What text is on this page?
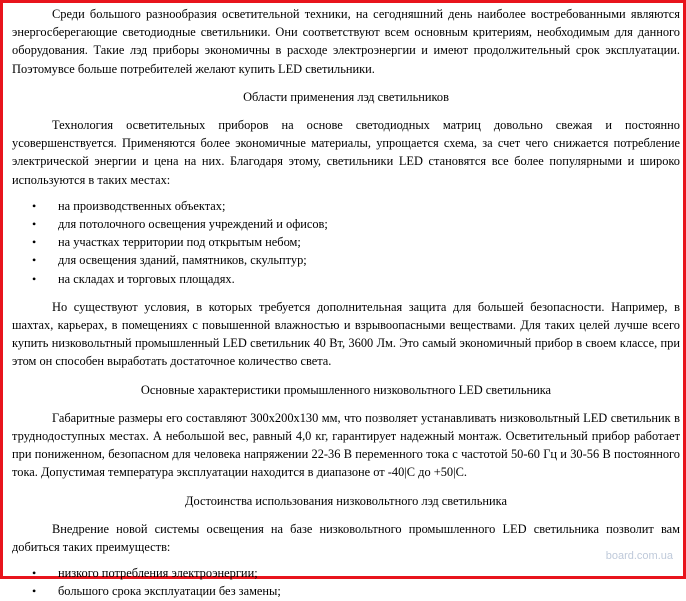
Среди большого разнообразия осветительной техники, на сегодняшний день наиболее востребованными являются энергосберегающие светодиодные светильники. Они соответствуют всем основным критериям, необходимым для данного оборудования. Такие лэд приборы экономичны в расходе электроэнергии и имеют продолжительный срок эксплуатации. Поэтомувсе больше потребителей желают купить LED светильники.

Области применения лэд светильников

Технология осветительных приборов на основе светодиодных матриц довольно свежая и постоянно усовершенствуется. Применяются более экономичные материалы, упрощается схема, за счет чего снижается потребление электрической энергии и цена на них. Благодаря этому, светильники LED становятся все более популярными и широко используются в таких местах:

• на производственных объектах;
• для потолочного освещения учреждений и офисов;
• на участках территории под открытым небом;
• для освещения зданий, памятников, скульптур;
• на складах и торговых площадях.

Но существуют условия, в которых требуется дополнительная защита для большей безопасности. Например, в шахтах, карьерах, в помещениях с повышенной влажностью и взрывоопасными веществами. Для таких целей лучше всего купить низковольтный промышленный LED светильник 40 Вт, 3600 Лм. Это самый экономичный прибор в своем классе, при этом он способен выработать достаточное количество света.

Основные характеристики промышленного низковольтного LED светильника

Габаритные размеры его составляют 300x200x130 мм, что позволяет устанавливать низковольтный LED светильник в труднодоступных местах. А небольшой вес, равный 4,0 кг, гарантирует надежный монтаж. Осветительный прибор работает при пониженном, безопасном для человека напряжении 22-36 В переменного тока с частотой 50-60 Гц и 30-56 В постоянного тока. Допустимая температура эксплуатации находится в диапазоне от -40|С до +50|С.

Достоинства использования низковольтного лэд светильника

Внедрение новой системы освещения на базе низковольтного промышленного LED светильника позволит вам добиться таких преимуществ:

• низкого потребления электроэнергии;
• большого срока эксплуатации без замены;
board.com.ua
